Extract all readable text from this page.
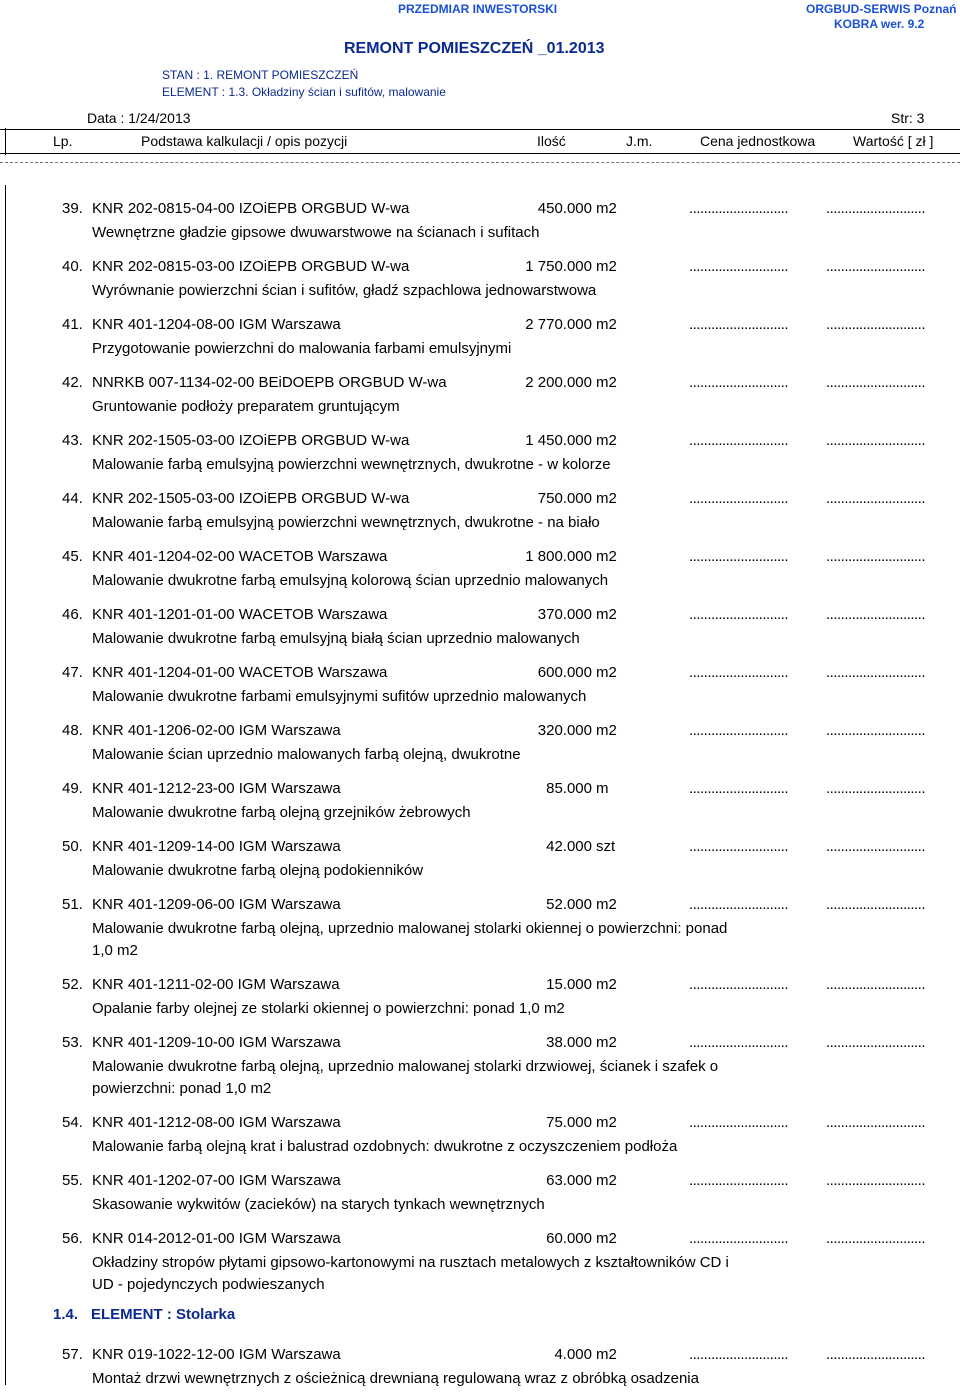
PRZEDMIAR INWESTORSKI	ORGBUD-SERWIS Poznań
KOBRA wer. 9.2
REMONT POMIESZCZEŃ _01.2013
STAN : 1. REMONT POMIESZCZEŃ
ELEMENT : 1.3. Okładziny ścian i sufitów, malowanie
Data : 1/24/2013	Str: 3
Lp.	Podstawa kalkulacji / opis pozycji	Ilość	J.m.	Cena jednostkowa	Wartość [ zł ]
39. KNR 202-0815-04-00 IZOiEPB ORGBUD W-wa	450.000 m2	...........................	...........................
Wewnętrzne gładzie gipsowe dwuwarstwowe na ścianach i sufitach
40. KNR 202-0815-03-00 IZOiEPB ORGBUD W-wa	1 750.000 m2	...........................	...........................
Wyrównanie powierzchni ścian i sufitów, gładź szpachlowa jednowarstwowa
41. KNR 401-1204-08-00 IGM Warszawa	2 770.000 m2	...........................	...........................
Przygotowanie powierzchni do malowania farbami emulsyjnymi
42. NNRKB 007-1134-02-00 BEiDOEPB ORGBUD W-wa	2 200.000 m2	...........................	...........................
Gruntowanie podłoży preparatem gruntującym
43. KNR 202-1505-03-00 IZOiEPB ORGBUD W-wa	1 450.000 m2	...........................	...........................
Malowanie farbą emulsyjną powierzchni wewnętrznych, dwukrotne - w kolorze
44. KNR 202-1505-03-00 IZOiEPB ORGBUD W-wa	750.000 m2	...........................	...........................
Malowanie farbą emulsyjną powierzchni wewnętrznych, dwukrotne - na biało
45. KNR 401-1204-02-00 WACETOB Warszawa	1 800.000 m2	...........................	...........................
Malowanie dwukrotne farbą emulsyjną kolorową ścian uprzednio malowanych
46. KNR 401-1201-01-00 WACETOB Warszawa	370.000 m2	...........................	...........................
Malowanie dwukrotne farbą emulsyjną białą ścian uprzednio malowanych
47. KNR 401-1204-01-00 WACETOB Warszawa	600.000 m2	...........................	...........................
Malowanie dwukrotne farbami emulsyjnymi sufitów uprzednio malowanych
48. KNR 401-1206-02-00 IGM Warszawa	320.000 m2	...........................	...........................
Malowanie ścian uprzednio malowanych farbą olejną, dwukrotne
49. KNR 401-1212-23-00 IGM Warszawa	85.000 m	...........................	...........................
Malowanie dwukrotne farbą olejną grzejników żebrowych
50. KNR 401-1209-14-00 IGM Warszawa	42.000 szt	...........................	...........................
Malowanie dwukrotne farbą olejną podokienników
51. KNR 401-1209-06-00 IGM Warszawa	52.000 m2	...........................	...........................
Malowanie dwukrotne farbą olejną, uprzednio malowanej stolarki okiennej o powierzchni: ponad 1,0 m2
52. KNR 401-1211-02-00 IGM Warszawa	15.000 m2	...........................	...........................
Opalanie farby olejnej ze stolarki okiennej o powierzchni: ponad 1,0 m2
53. KNR 401-1209-10-00 IGM Warszawa	38.000 m2	...........................	...........................
Malowanie dwukrotne farbą olejną, uprzednio malowanej stolarki drzwiowej, ścianek i szafek o powierzchni: ponad 1,0 m2
54. KNR 401-1212-08-00 IGM Warszawa	75.000 m2	...........................	...........................
Malowanie farbą olejną krat i balustrad ozdobnych: dwukrotne z oczyszczeniem podłoża
55. KNR 401-1202-07-00 IGM Warszawa	63.000 m2	...........................	...........................
Skasowanie wykwitów (zacieków) na starych tynkach wewnętrznych
56. KNR 014-2012-01-00 IGM Warszawa	60.000 m2	...........................	...........................
Okładziny stropów płytami gipsowo-kartonowymi na rusztach metalowych z kształtowników CD i UD - pojedynczych podwieszanych
57. KNR 019-1022-12-00 IGM Warszawa	4.000 m2	...........................	...........................
Montaż drzwi wewnętrznych z ościeżnicą drewnianą regulowaną wraz z obróbką osadzenia
1.4. ELEMENT : Stolarka
